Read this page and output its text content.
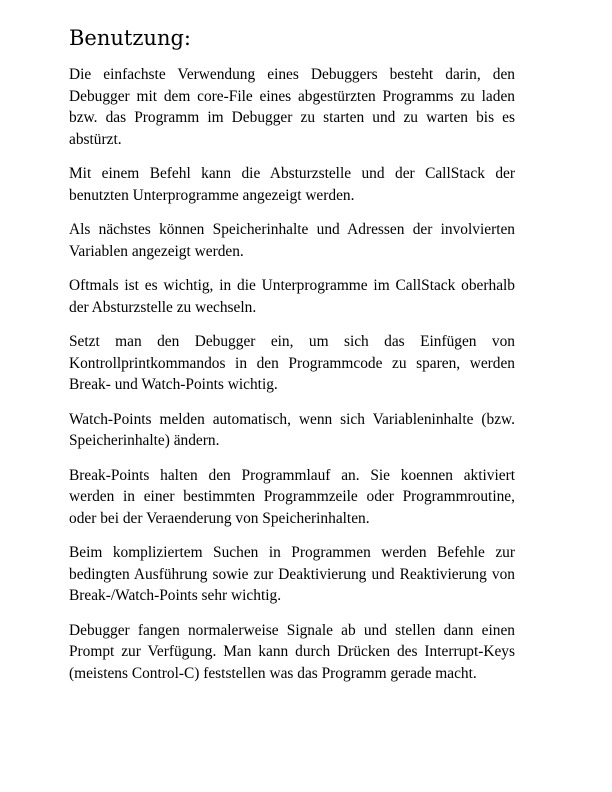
Benutzung:

Die einfachste Verwendung eines Debuggers besteht darin, den Debugger mit dem core-File eines abgestürzten Programms zu laden bzw. das Programm im Debugger zu starten und zu warten bis es abstürzt.

Mit einem Befehl kann die Absturzstelle und der CallStack der benutzten Unterprogramme angezeigt werden.

Als nächstes können Speicherinhalte und Adressen der involvierten Variablen angezeigt werden.

Oftmals ist es wichtig, in die Unterprogramme im CallStack oberhalb der Absturzstelle zu wechseln.

Setzt man den Debugger ein, um sich das Einfügen von Kontrollprintkommandos in den Programmcode zu sparen, werden Break- und Watch-Points wichtig.

Watch-Points melden automatisch, wenn sich Variableninhalte (bzw. Speicherinhalte) ändern.

Break-Points halten den Programmlauf an. Sie koennen aktiviert werden in einer bestimmten Programmzeile oder Programmroutine, oder bei der Veraenderung von Speicherinhalten.

Beim kompliziertem Suchen in Programmen werden Befehle zur bedingten Ausführung sowie zur Deaktivierung und Reaktivierung von Break-/Watch-Points sehr wichtig.

Debugger fangen normalerweise Signale ab und stellen dann einen Prompt zur Verfügung. Man kann durch Drücken des Interrupt-Keys (meistens Control-C) feststellen was das Programm gerade macht.
